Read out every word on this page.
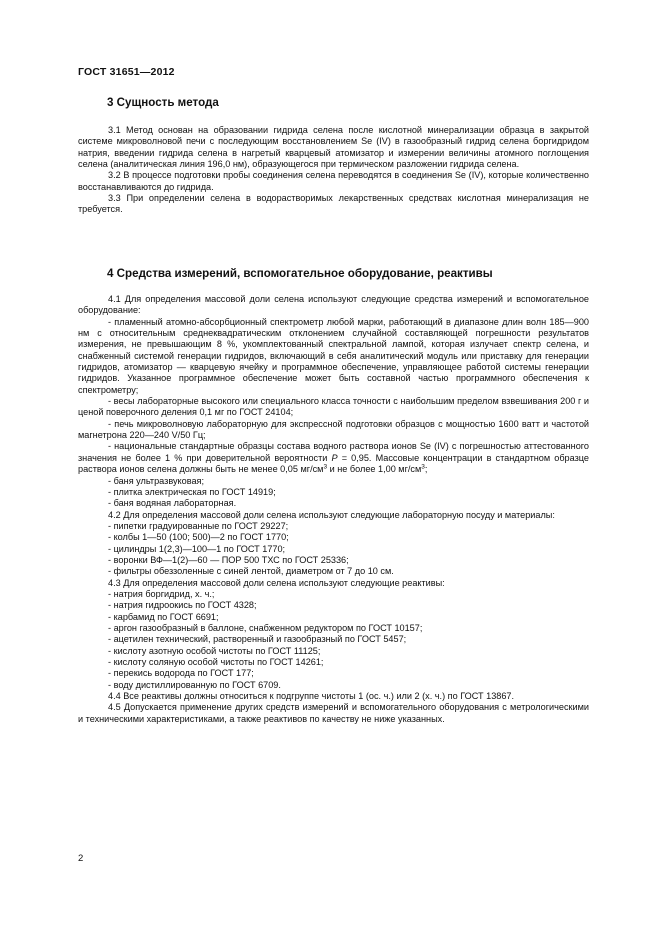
ГОСТ 31651—2012
3 Сущность метода

3.1 Метод основан на образовании гидрида селена после кислотной минерализации образца в закрытой системе микроволновой печи с последующим восстановлением Se (IV) в газообразный гидрид селена боргидридом натрия, введении гидрида селена в нагретый кварцевый атомизатор и измерении величины атомного поглощения селена (аналитическая линия 196,0 нм), образующегося при термическом разложении гидрида селена.

3.2 В процессе подготовки пробы соединения селена переводятся в соединения Se (IV), которые количественно восстанавливаются до гидрида.

3.3 При определении селена в водорастворимых лекарственных средствах кислотная минерализация не требуется.

4 Средства измерений, вспомогательное оборудование, реактивы

4.1 Для определения массовой доли селена используют следующие средства измерений и вспомогательное оборудование:

- пламенный атомно-абсорбционный спектрометр любой марки, работающий в диапазоне длин волн 185—900 нм с относительным среднеквадратическим отклонением случайной составляющей погрешности результатов измерения, не превышающим 8 %, укомплектованный спектральной лампой, которая излучает спектр селена, и снабженный системой генерации гидридов, включающий в себя аналитический модуль или приставку для генерации гидридов, атомизатор — кварцевую ячейку и программное обеспечение, управляющее работой системы генерации гидридов. Указанное программное обеспечение может быть составной частью программного обеспечения к спектрометру;

- весы лабораторные высокого или специального класса точности с наибольшим пределом взвешивания 200 г и ценой поверочного деления 0,1 мг по ГОСТ 24104;

- печь микроволновую лабораторную для экспрессной подготовки образцов с мощностью 1600 ватт и частотой магнетрона 220—240 V/50 Гц;

- национальные стандартные образцы состава водного раствора ионов Se (IV) с погрешностью аттестованного значения не более 1 % при доверительной вероятности P = 0,95. Массовые концентрации в стандартном образце раствора ионов селена должны быть не менее 0,05 $мг/см^3$ и не более 1,00 $мг/см^3$;

- баня ультразвуковая;

- плитка электрическая по ГОСТ 14919;

- баня водяная лабораторная.

4.2 Для определения массовой доли селена используют следующие лабораторную посуду и материалы:

- пипетки градуированные по ГОСТ 29227;

- колбы 1—50 (100; 500)—2 по ГОСТ 1770;

- цилиндры 1(2,3)—100—1 по ГОСТ 1770;

- воронки ВФ—1(2)—60 — ПОР 500 ТХС по ГОСТ 25336;

- фильтры обеззоленные с синей лентой, диаметром от 7 до 10 см.

4.3 Для определения массовой доли селена используют следующие реактивы:

- натрия боргидрид, х. ч.;

- натрия гидроокись по ГОСТ 4328;

- карбамид по ГОСТ 6691;

- аргон газообразный в баллоне, снабженном редуктором по ГОСТ 10157;

- ацетилен технический, растворенный и газообразный по ГОСТ 5457;

- кислоту азотную особой чистоты по ГОСТ 11125;

- кислоту соляную особой чистоты по ГОСТ 14261;

- перекись водорода по ГОСТ 177;

- воду дистиллированную по ГОСТ 6709.

4.4 Все реактивы должны относиться к подгруппе чистоты 1 (ос. ч.) или 2 (х. ч.) по ГОСТ 13867.

4.5 Допускается применение других средств измерений и вспомогательного оборудования с метрологическими и техническими характеристиками, а также реактивов по качеству не ниже указанных.

2
